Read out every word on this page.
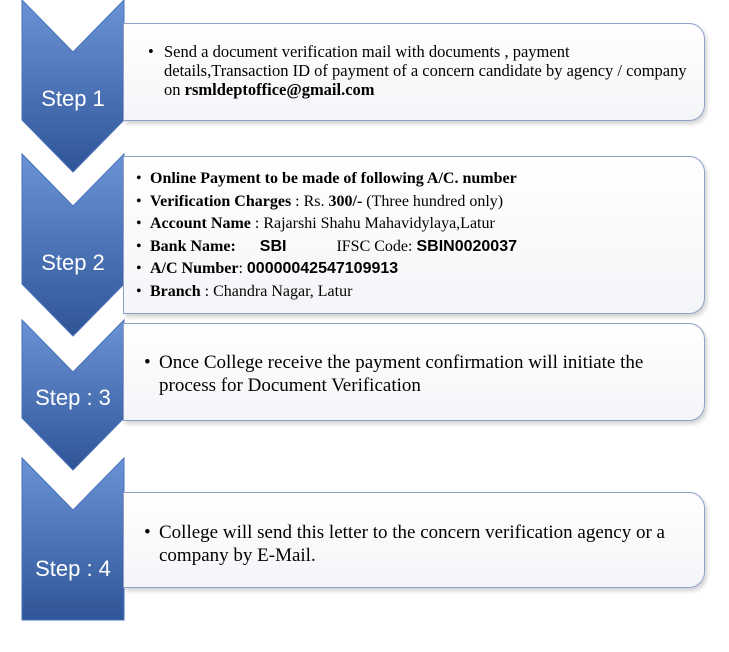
Step 1
Step 2
Step : 3
Step : 4
• Send a document verification mail with documents , payment details,Transaction ID of payment of a concern candidate by agency / company on rsmldeptoffice@gmail.com
• Online Payment to be made of following A/C. number
• Verification Charges : Rs. 300/- (Three hundred only)
• Account Name : Rajarshi Shahu Mahavidylaya,Latur
• Bank Name: SBI	IFSC Code: SBIN0020037
• A/C Number: 00000042547109913
• Branch : Chandra Nagar, Latur
• Once College receive the payment confirmation will initiate the process for Document Verification
• College will send this letter to the concern verification agency or a company by E-Mail.
